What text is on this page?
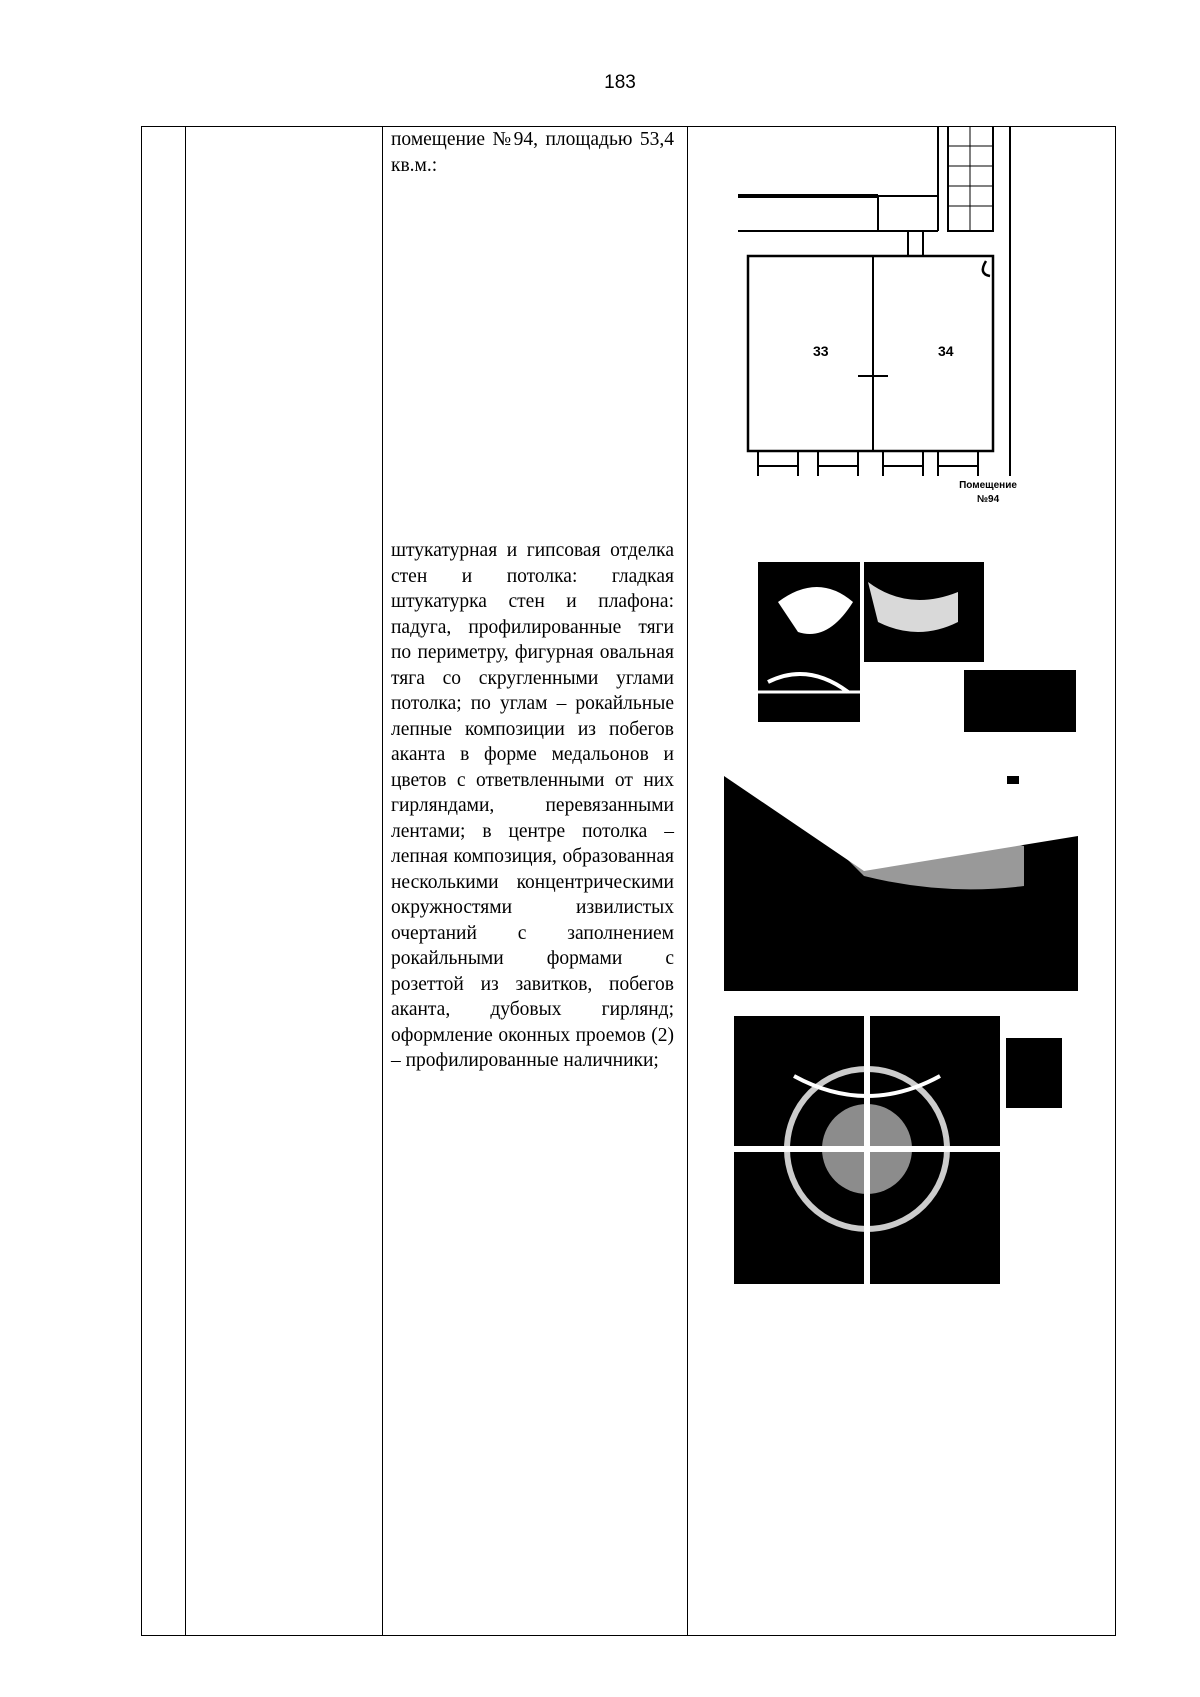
183
помещение №94, площадью 53,4 кв.м.:
штукатурная и гипсовая отделка стен и потолка: гладкая штукатурка стен и плафона: падуга, профилированные тяги по периметру, фигурная овальная тяга со скругленными углами потолка; по углам – рокайльные лепные композиции из побегов аканта в форме медальонов и цветов с ответвленными от них гирляндами, перевязанными лентами; в центре потолка – лепная композиция, образованная несколькими концентрическими окружностями извилистых очертаний с заполнением рокайльными формами с розеттой из завитков, побегов аканта, дубовых гирлянд; оформление оконных проемов (2) – профилированные наличники;
33	34
Помещение
№94
